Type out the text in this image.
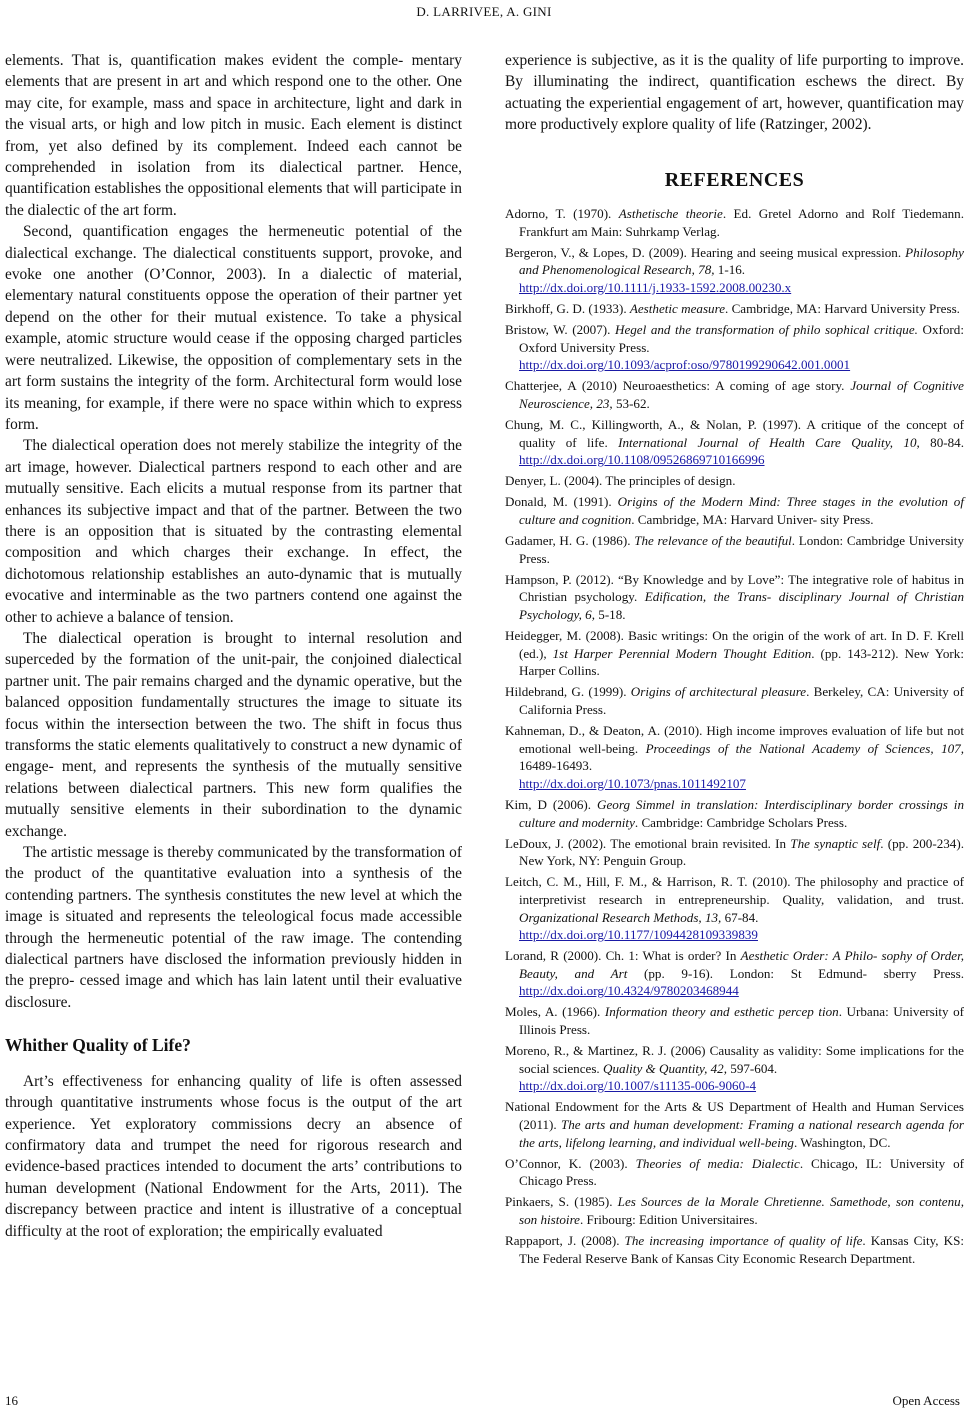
D. LARRIVEE, A. GINI

elements. That is, quantification makes evident the comple- mentary elements that are present in art and which respond one to the other. One may cite, for example, mass and space in architecture, light and dark in the visual arts, or high and low pitch in music. Each element is distinct from, yet also defined by its complement. Indeed each cannot be comprehended in isolation from its dialectical partner. Hence, quantification establishes the oppositional elements that will participate in the dialectic of the art form.

Second, quantification engages the hermeneutic potential of the dialectical exchange. The dialectical constituents support, provoke, and evoke one another (O’Connor, 2003). In a dialectic of material, elementary natural constituents oppose the operation of their partner yet depend on the other for their mutual existence. To take a physical example, atomic structure would cease if the opposing charged particles were neutralized. Likewise, the opposition of complementary sets in the art form sustains the integrity of the form. Architectural form would lose its meaning, for example, if there were no space within which to express form.

The dialectical operation does not merely stabilize the integrity of the art image, however. Dialectical partners respond to each other and are mutually sensitive. Each elicits a mutual response from its partner that enhances its subjective impact and that of the partner. Between the two there is an opposition that is situated by the contrasting elemental composition and which charges their exchange. In effect, the dichotomous relationship establishes an auto-dynamic that is mutually evocative and interminable as the two partners contend one against the other to achieve a balance of tension.

The dialectical operation is brought to internal resolution and superceded by the formation of the unit-pair, the conjoined dialectical partner unit. The pair remains charged and the dynamic operative, but the balanced opposition fundamentally structures the image to situate its focus within the intersection between the two. The shift in focus thus transforms the static elements qualitatively to construct a new dynamic of engage- ment, and represents the synthesis of the mutually sensitive relations between dialectical partners. This new form qualifies the mutually sensitive elements in their subordination to the dynamic exchange.

The artistic message is thereby communicated by the transformation of the product of the quantitative evaluation into a synthesis of the contending partners. The synthesis constitutes the new level at which the image is situated and represents the teleological focus made accessible through the hermeneutic potential of the raw image. The contending dialectical partners have disclosed the information previously hidden in the prepro- cessed image and which has lain latent until their evaluative disclosure.

Whither Quality of Life?

Art’s effectiveness for enhancing quality of life is often assessed through quantitative instruments whose focus is the output of the art experience. Yet exploratory commissions decry an absence of confirmatory data and trumpet the need for rigorous research and evidence-based practices intended to document the arts’ contributions to human development (National Endowment for the Arts, 2011). The discrepancy between practice and intent is illustrative of a conceptual difficulty at the root of exploration; the empirically evaluated

experience is subjective, as it is the quality of life purporting to improve. By illuminating the indirect, quantification eschews the direct. By actuating the experiential engagement of art, however, quantification may more productively explore quality of life (Ratzinger, 2002).

REFERENCES
Adorno, T. (1970). Asthetische theorie. Ed. Gretel Adorno and Rolf Tiedemann. Frankfurt am Main: Suhrkamp Verlag.
Bergeron, V., & Lopes, D. (2009). Hearing and seeing musical expression. Philosophy and Phenomenological Research, 78, 1-16.
http://dx.doi.org/10.1111/j.1933-1592.2008.00230.x
Birkhoff, G. D. (1933). Aesthetic measure. Cambridge, MA: Harvard University Press.
Bristow, W. (2007). Hegel and the transformation of philo sophical critique. Oxford: Oxford University Press.
http://dx.doi.org/10.1093/acprof:oso/9780199290642.001.0001
Chatterjee, A (2010) Neuroaesthetics: A coming of age story. Journal of Cognitive Neuroscience, 23, 53-62.
Chung, M. C., Killingworth, A., & Nolan, P. (1997). A critique of the concept of quality of life. International Journal of Health Care Quality, 10, 80-84. http://dx.doi.org/10.1108/09526869710166996
Denyer, L. (2004). The principles of design.
Donald, M. (1991). Origins of the Modern Mind: Three stages in the evolution of culture and cognition. Cambridge, MA: Harvard Univer- sity Press.
Gadamer, H. G. (1986). The relevance of the beautiful. London: Cambridge University Press.
Hampson, P. (2012). “By Knowledge and by Love”: The integrative role of habitus in Christian psychology. Edification, the Trans- disciplinary Journal of Christian Psychology, 6, 5-18.
Heidegger, M. (2008). Basic writings: On the origin of the work of art. In D. F. Krell (ed.), 1st Harper Perennial Modern Thought Edition. (pp. 143-212). New York: Harper Collins.
Hildebrand, G. (1999). Origins of architectural pleasure. Berkeley, CA: University of California Press.
Kahneman, D., & Deaton, A. (2010). High income improves evaluation of life but not emotional well-being. Proceedings of the National Academy of Sciences, 107, 16489-16493.
http://dx.doi.org/10.1073/pnas.1011492107
Kim, D (2006). Georg Simmel in translation: Interdisciplinary border crossings in culture and modernity. Cambridge: Cambridge Scholars Press.
LeDoux, J. (2002). The emotional brain revisited. In The synaptic self. (pp. 200-234). New York, NY: Penguin Group.
Leitch, C. M., Hill, F. M., & Harrison, R. T. (2010). The philosophy and practice of interpretivist research in entrepreneurship. Quality, validation, and trust. Organizational Research Methods, 13, 67-84.
http://dx.doi.org/10.1177/1094428109339839
Lorand, R (2000). Ch. 1: What is order? In Aesthetic Order: A Philo- sophy of Order, Beauty, and Art (pp. 9-16). London: St Edmund- sberry Press. http://dx.doi.org/10.4324/9780203468944
Moles, A. (1966). Information theory and esthetic percep tion. Urbana: University of Illinois Press.
Moreno, R., & Martinez, R. J. (2006) Causality as validity: Some implications for the social sciences. Quality & Quantity, 42, 597-604.
http://dx.doi.org/10.1007/s11135-006-9060-4
National Endowment for the Arts & US Department of Health and Human Services (2011). The arts and human development: Framing a national research agenda for the arts, lifelong learning, and individual well-being. Washington, DC.
O’Connor, K. (2003). Theories of media: Dialectic. Chicago, IL: University of Chicago Press.
Pinkaers, S. (1985). Les Sources de la Morale Chretienne. Samethode, son contenu, son histoire. Fribourg: Edition Universitaires.
Rappaport, J. (2008). The increasing importance of quality of life. Kansas City, KS: The Federal Reserve Bank of Kansas City Economic Research Department.
16	Open Access
